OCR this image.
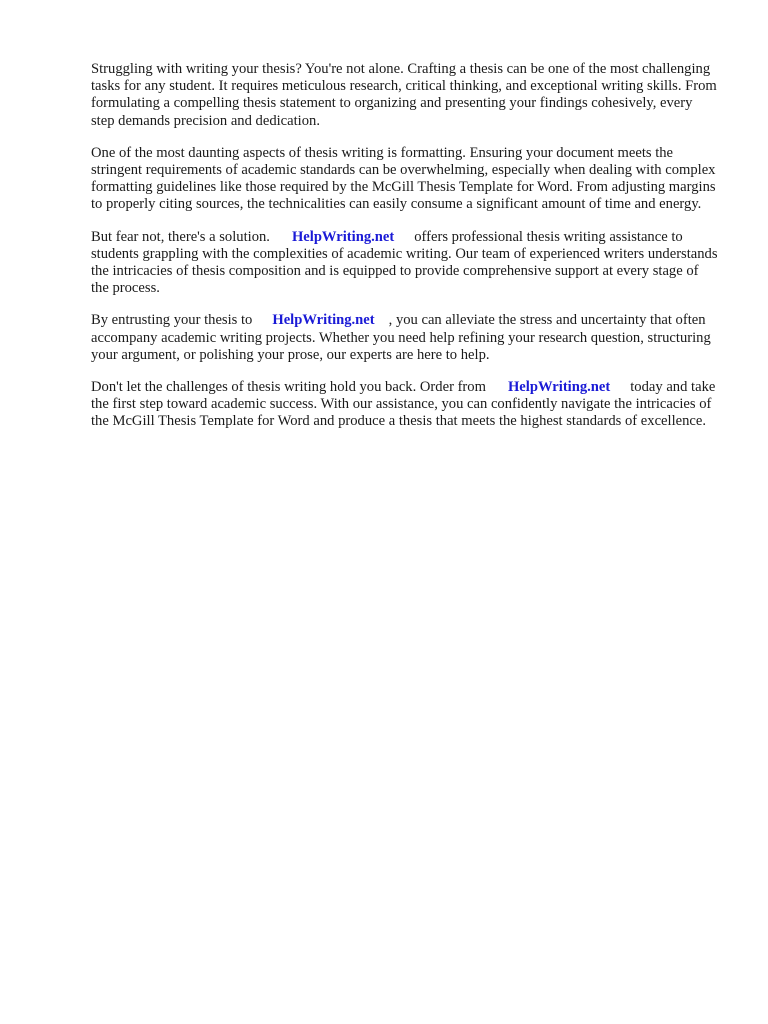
Struggling with writing your thesis? You're not alone. Crafting a thesis can be one of the most challenging tasks for any student. It requires meticulous research, critical thinking, and exceptional writing skills. From formulating a compelling thesis statement to organizing and presenting your findings cohesively, every step demands precision and dedication.

One of the most daunting aspects of thesis writing is formatting. Ensuring your document meets the stringent requirements of academic standards can be overwhelming, especially when dealing with complex formatting guidelines like those required by the McGill Thesis Template for Word. From adjusting margins to properly citing sources, the technicalities can easily consume a significant amount of time and energy.

But fear not, there's a solution. HelpWriting.net offers professional thesis writing assistance to students grappling with the complexities of academic writing. Our team of experienced writers understands the intricacies of thesis composition and is equipped to provide comprehensive support at every stage of the process.

By entrusting your thesis to HelpWriting.net , you can alleviate the stress and uncertainty that often accompany academic writing projects. Whether you need help refining your research question, structuring your argument, or polishing your prose, our experts are here to help.

Don't let the challenges of thesis writing hold you back. Order from HelpWriting.net today and take the first step toward academic success. With our assistance, you can confidently navigate the intricacies of the McGill Thesis Template for Word and produce a thesis that meets the highest standards of excellence.
